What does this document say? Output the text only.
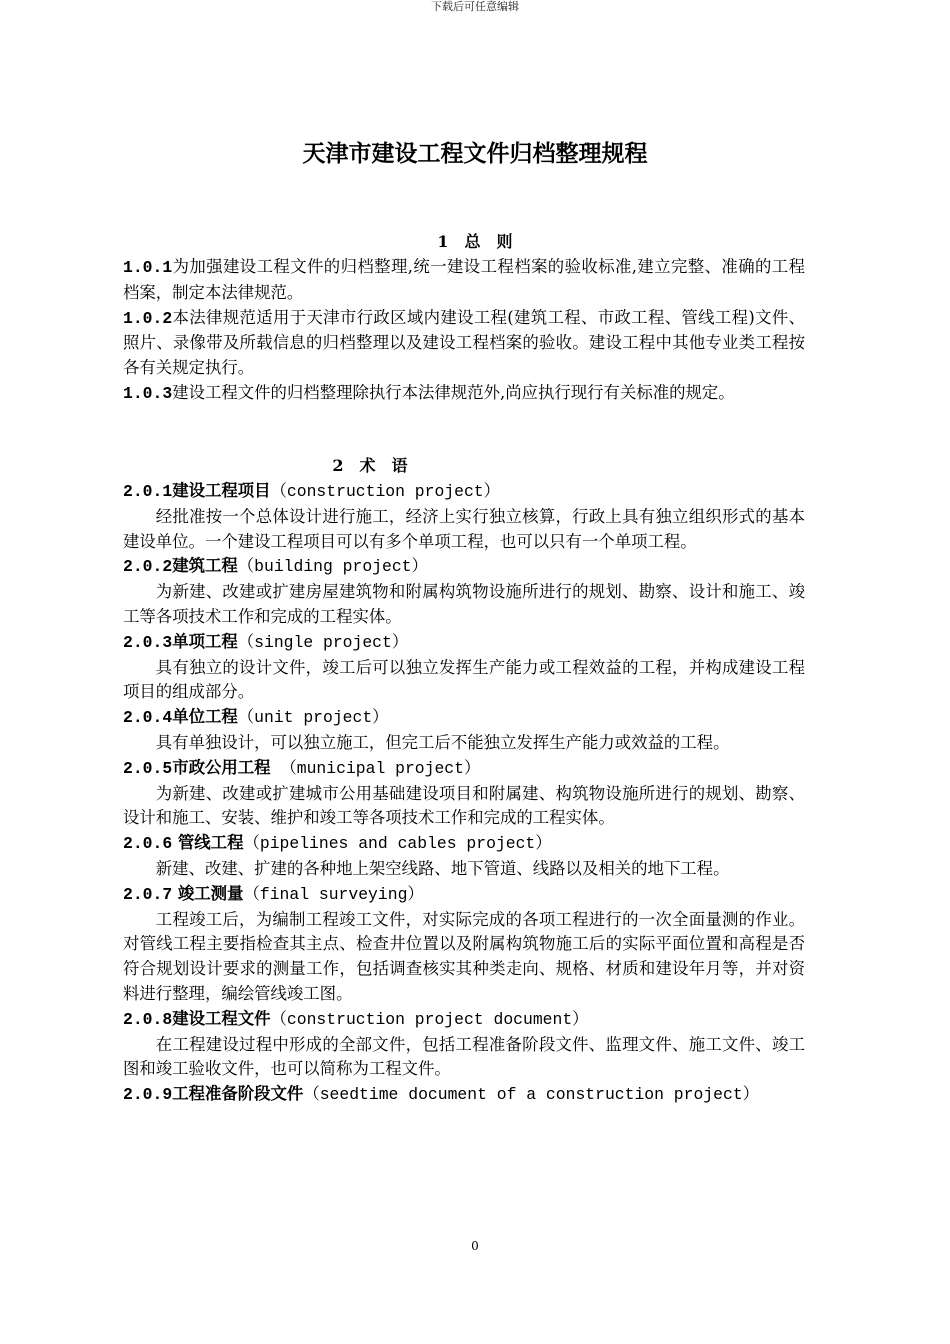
下载后可任意编辑
天津市建设工程文件归档整理规程
1　总　则

1.0.1为加强建设工程文件的归档整理,统一建设工程档案的验收标准,建立完整、准确的工程档案，制定本法律规范。

1.0.2本法律规范适用于天津市行政区域内建设工程(建筑工程、市政工程、管线工程)文件、照片、录像带及所载信息的归档整理以及建设工程档案的验收。建设工程中其他专业类工程按各有关规定执行。

1.0.3建设工程文件的归档整理除执行本法律规范外,尚应执行现行有关标准的规定。

2　术　语

2.0.1建设工程项目（construction project）

经批准按一个总体设计进行施工，经济上实行独立核算，行政上具有独立组织形式的基本建设单位。一个建设工程项目可以有多个单项工程，也可以只有一个单项工程。

2.0.2建筑工程（building project）

为新建、改建或扩建房屋建筑物和附属构筑物设施所进行的规划、勘察、设计和施工、竣工等各项技术工作和完成的工程实体。

2.0.3单项工程（single project）

具有独立的设计文件，竣工后可以独立发挥生产能力或工程效益的工程，并构成建设工程项目的组成部分。

2.0.4单位工程（unit project）

具有单独设计，可以独立施工，但完工后不能独立发挥生产能力或效益的工程。

2.0.5市政公用工程 （municipal project）

为新建、改建或扩建城市公用基础建设项目和附属建、构筑物设施所进行的规划、勘察、设计和施工、安装、维护和竣工等各项技术工作和完成的工程实体。

2.0.6 管线工程（pipelines and cables project）

新建、改建、扩建的各种地上架空线路、地下管道、线路以及相关的地下工程。

2.0.7 竣工测量（final surveying）

工程竣工后，为编制工程竣工文件，对实际完成的各项工程进行的一次全面量测的作业。对管线工程主要指检查其主点、检查井位置以及附属构筑物施工后的实际平面位置和高程是否符合规划设计要求的测量工作，包括调查核实其种类走向、规格、材质和建设年月等，并对资料进行整理，编绘管线竣工图。

2.0.8建设工程文件（construction project document）

在工程建设过程中形成的全部文件，包括工程准备阶段文件、监理文件、施工文件、竣工图和竣工验收文件，也可以简称为工程文件。

2.0.9工程准备阶段文件（seedtime document of a construction project）

0
